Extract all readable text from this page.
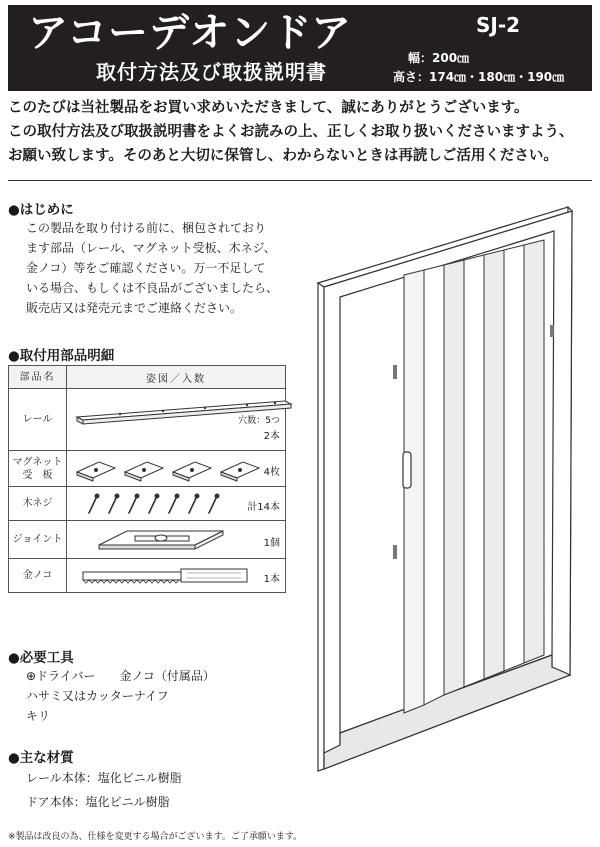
アコーデオンドア
取付方法及び取扱説明書
SJ-2
幅：200㎝
高さ：174㎝・180㎝・190㎝
このたびは当社製品をお買い求めいただきまして、誠にありがとうございます。
この取付方法及び取扱説明書をよくお読みの上、正しくお取り扱いくださいますよう、
お願い致します。そのあと大切に保管し、わからないときは再読しご活用ください。
●はじめに
この製品を取り付ける前に、梱包されており
ます部品（レール、マグネット受板、木ネジ、
金ノコ）等をご確認ください。万一不足して
いる場合、もしくは不良品がございましたら、
販売店又は発売元までご連絡ください。
●取付用部品明細
部品名	姿図／入数
レール	穴数：5つ
2本

マグネット受　板	4枚

木ネジ	計14本

ジョイント	1個

金ノコ	1本
●必要工具
⊕ドライバー　　金ノコ（付属品）
ハサミ又はカッターナイフ
キリ
●主な材質
レール本体：塩化ビニル樹脂
ドア本体：塩化ビニル樹脂
※製品は改良の為、仕様を変更する場合がございます。ご了承願います。
